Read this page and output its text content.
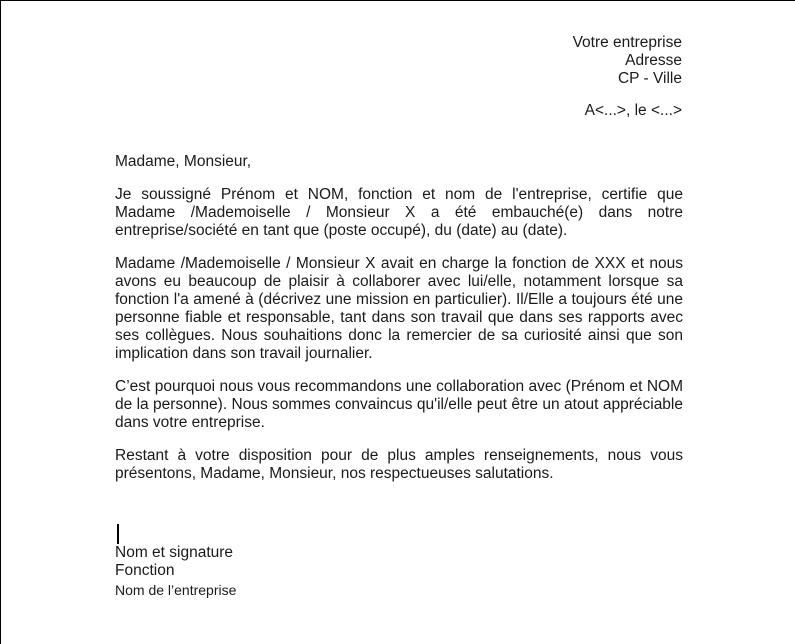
Votre entreprise
Adresse
CP - Ville
A<...>, le <...>
Madame, Monsieur,

Je soussigné Prénom et NOM, fonction et nom de l'entreprise, certifie que Madame /Mademoiselle / Monsieur X a été embauché(e) dans notre entreprise/société en tant que (poste occupé), du (date) au (date).

Madame /Mademoiselle / Monsieur X avait en charge la fonction de XXX et nous avons eu beaucoup de plaisir à collaborer avec lui/elle, notamment lorsque sa fonction l'a amené à (décrivez une mission en particulier). Il/Elle a toujours été une personne fiable et responsable, tant dans son travail que dans ses rapports avec ses collègues. Nous souhaitions donc la remercier de sa curiosité ainsi que son implication dans son travail journalier.

C’est pourquoi nous vous recommandons une collaboration avec (Prénom et NOM de la personne). Nous sommes convaincus qu'il/elle peut être un atout appréciable dans votre entreprise.

Restant à votre disposition pour de plus amples renseignements, nous vous présentons, Madame, Monsieur, nos respectueuses salutations.

Nom et signature
Fonction
Nom de l’entreprise
